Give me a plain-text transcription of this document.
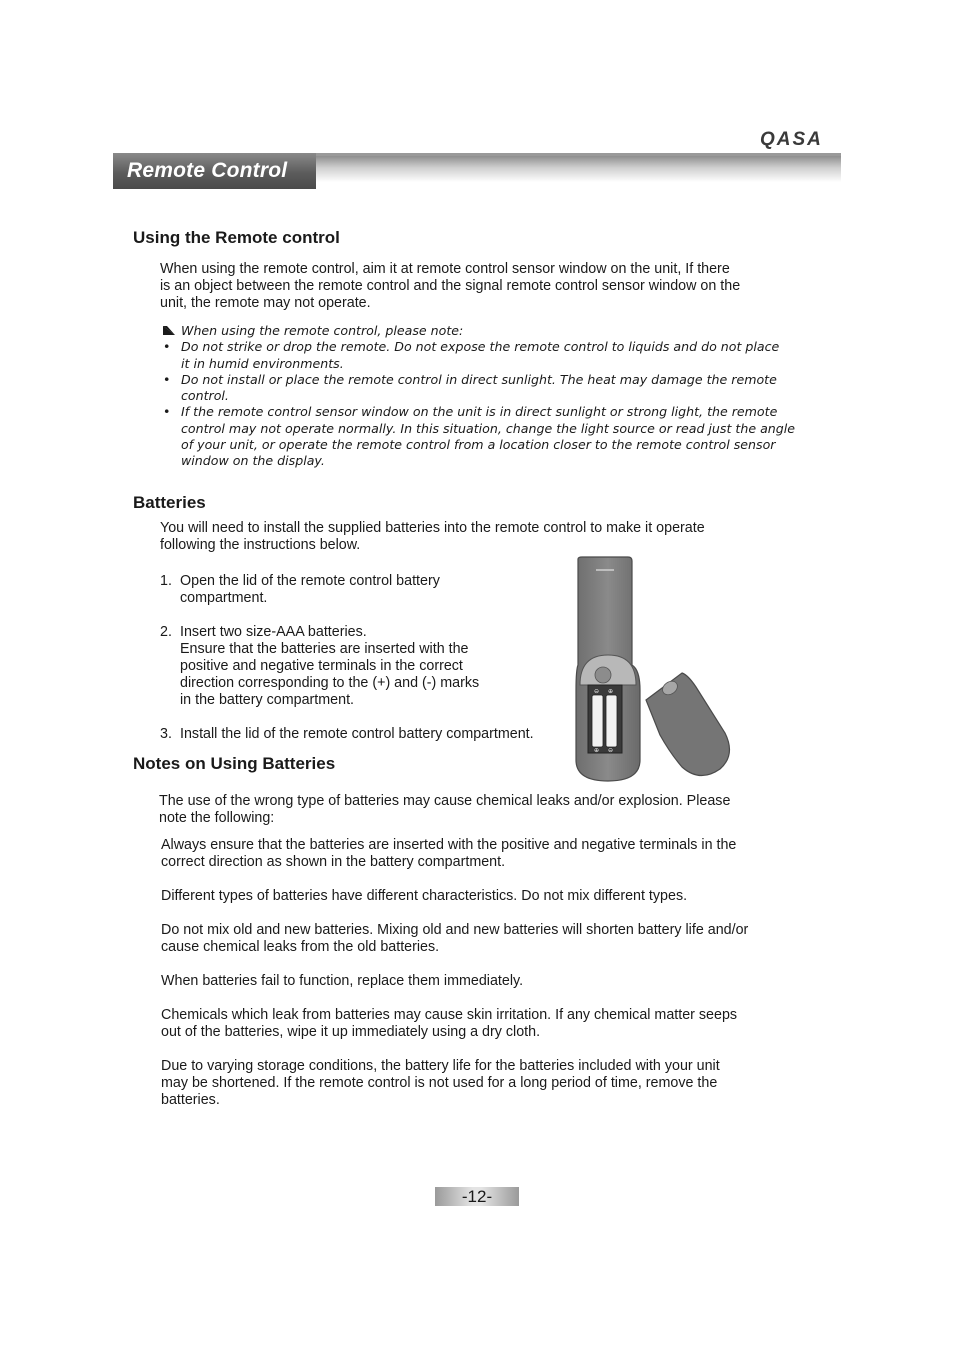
QASA
Remote Control
Using the Remote control

When using the remote control, aim it at remote control sensor window on the unit, If there
is an object between the remote control and the signal remote control sensor window on the
unit, the remote may not operate.

When using the remote control, please note:
• Do not strike or drop the remote. Do not expose the remote control to liquids and do not place
it in humid environments.
• Do not install or place the remote control in direct sunlight. The heat may damage the remote
control.
• If the remote control sensor window on the unit is in direct sunlight or strong light, the remote
control may not operate normally. In this situation, change the light source or read just the angle
of your unit, or operate the remote control from a location closer to the remote control sensor
window on the display.
Batteries

You will need to install the supplied batteries into the remote control to make it operate
following the instructions below.

1. Open the lid of the remote control battery
compartment.
2. Insert two size-AAA batteries.
Ensure that the batteries are inserted with the
positive and negative terminals in the correct
direction corresponding to the (+) and (-) marks
in the battery compartment.
3. Install the lid of the remote control battery compartment.
⊖ ⊕
⊕ ⊖
Notes on Using Batteries

The use of the wrong type of batteries may cause chemical leaks and/or explosion. Please
note the following:

Always ensure that the batteries are inserted with the positive and negative terminals in the
correct direction as shown in the battery compartment.

Different types of batteries have different characteristics. Do not mix different types.

Do not mix old and new batteries. Mixing old and new batteries will shorten battery life and/or
cause chemical leaks from the old batteries.

When batteries fail to function, replace them immediately.

Chemicals which leak from batteries may cause skin irritation. If any chemical matter seeps
out of the batteries, wipe it up immediately using a dry cloth.

Due to varying storage conditions, the battery life for the batteries included with your unit
may be shortened. If the remote control is not used for a long period of time, remove the
batteries.

-12-
